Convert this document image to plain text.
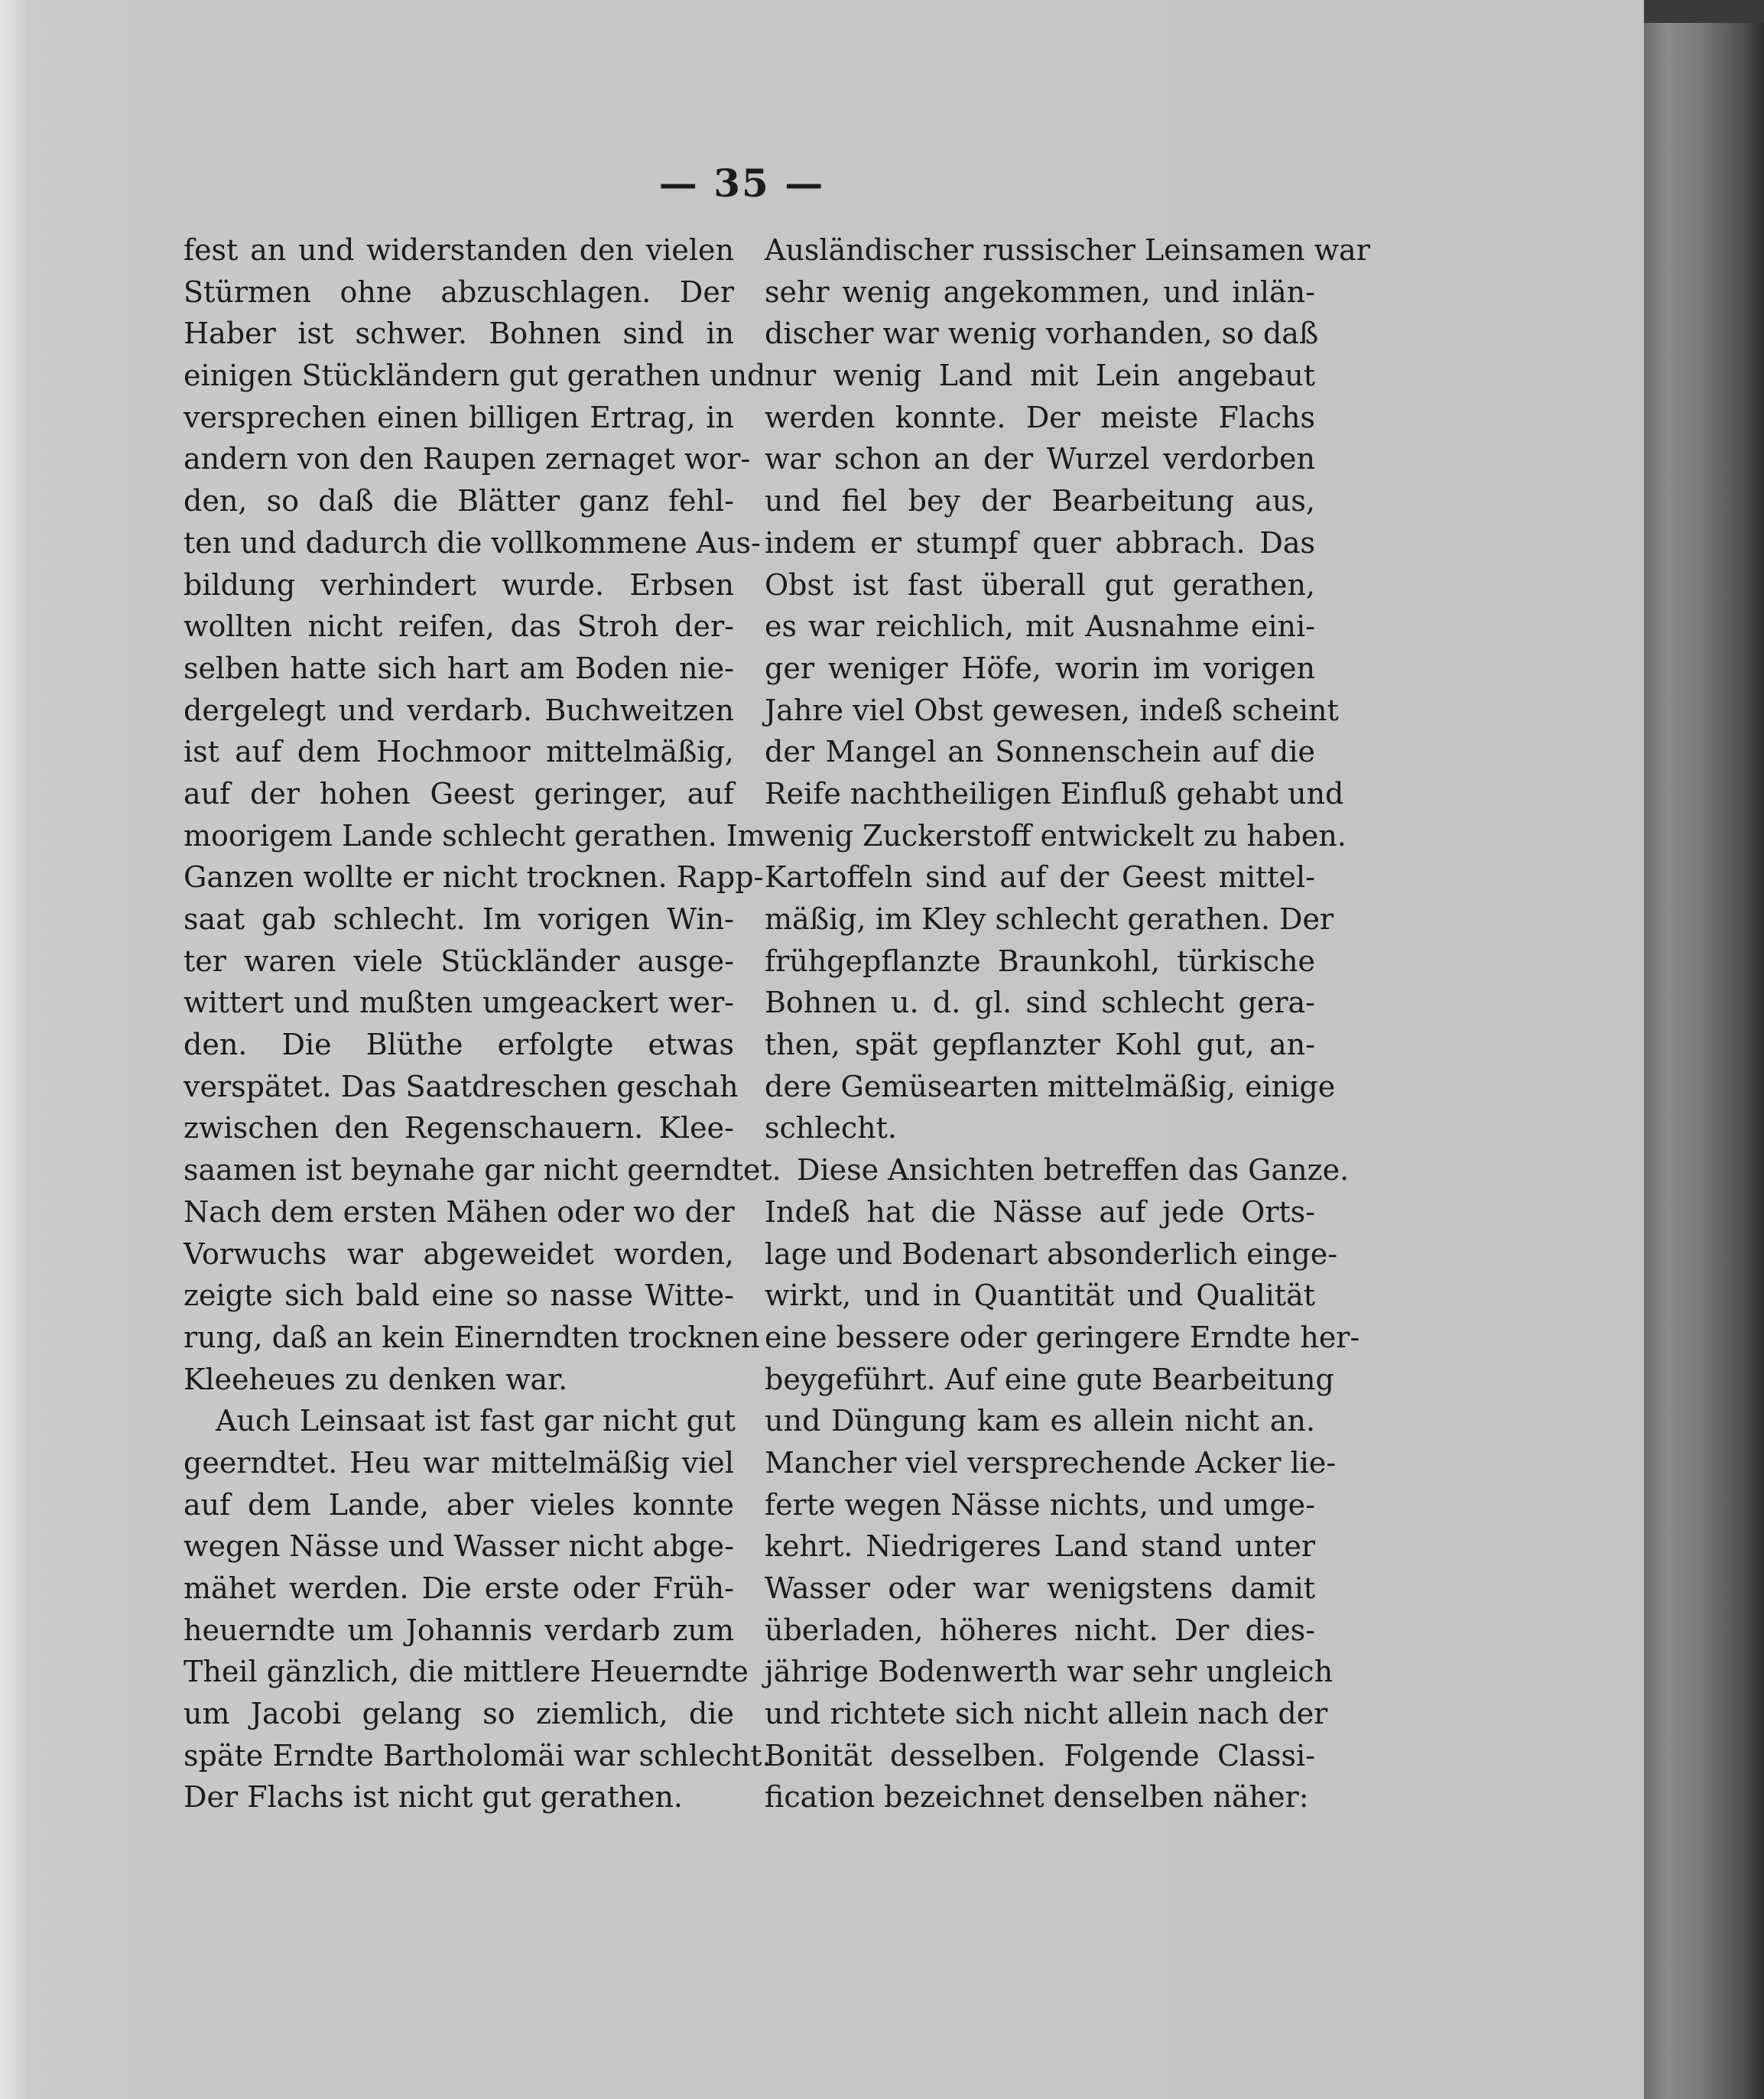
— 35 —
fest an und widerstanden den vielen
Stürmen ohne abzuschlagen. Der
Haber ist schwer. Bohnen sind in
einigen Stückländern gut gerathen und
versprechen einen billigen Ertrag, in
andern von den Raupen zernaget wor-
den, so daß die Blätter ganz fehl-
ten und dadurch die vollkommene Aus-
bildung verhindert wurde. Erbsen
wollten nicht reifen, das Stroh der-
selben hatte sich hart am Boden nie-
dergelegt und verdarb. Buchweitzen
ist auf dem Hochmoor mittelmäßig,
auf der hohen Geest geringer, auf
moorigem Lande schlecht gerathen. Im
Ganzen wollte er nicht trocknen. Rapp-
saat gab schlecht. Im vorigen Win-
ter waren viele Stückländer ausge-
wittert und mußten umgeackert wer-
den. Die Blüthe erfolgte etwas
verspätet. Das Saatdreschen geschah
zwischen den Regenschauern. Klee-
saamen ist beynahe gar nicht geerndtet.
Nach dem ersten Mähen oder wo der
Vorwuchs war abgeweidet worden,
zeigte sich bald eine so nasse Witte-
rung, daß an kein Einerndten trocknen
Kleeheues zu denken war.
Auch Leinsaat ist fast gar nicht gut
geerndtet. Heu war mittelmäßig viel
auf dem Lande, aber vieles konnte
wegen Nässe und Wasser nicht abge-
mähet werden. Die erste oder Früh-
heuerndte um Johannis verdarb zum
Theil gänzlich, die mittlere Heuerndte
um Jacobi gelang so ziemlich, die
späte Erndte Bartholomäi war schlecht.
Der Flachs ist nicht gut gerathen.
Ausländischer russischer Leinsamen war
sehr wenig angekommen, und inlän-
discher war wenig vorhanden, so daß
nur wenig Land mit Lein angebaut
werden konnte. Der meiste Flachs
war schon an der Wurzel verdorben
und fiel bey der Bearbeitung aus,
indem er stumpf quer abbrach. Das
Obst ist fast überall gut gerathen,
es war reichlich, mit Ausnahme eini-
ger weniger Höfe, worin im vorigen
Jahre viel Obst gewesen, indeß scheint
der Mangel an Sonnenschein auf die
Reife nachtheiligen Einfluß gehabt und
wenig Zuckerstoff entwickelt zu haben.
Kartoffeln sind auf der Geest mittel-
mäßig, im Kley schlecht gerathen. Der
frühgepflanzte Braunkohl, türkische
Bohnen u. d. gl. sind schlecht gera-
then, spät gepflanzter Kohl gut, an-
dere Gemüsearten mittelmäßig, einige
schlecht.
Diese Ansichten betreffen das Ganze.
Indeß hat die Nässe auf jede Orts-
lage und Bodenart absonderlich einge-
wirkt, und in Quantität und Qualität
eine bessere oder geringere Erndte her-
beygeführt. Auf eine gute Bearbeitung
und Düngung kam es allein nicht an.
Mancher viel versprechende Acker lie-
ferte wegen Nässe nichts, und umge-
kehrt. Niedrigeres Land stand unter
Wasser oder war wenigstens damit
überladen, höheres nicht. Der dies-
jährige Bodenwerth war sehr ungleich
und richtete sich nicht allein nach der
Bonität desselben. Folgende Classi-
fication bezeichnet denselben näher:
